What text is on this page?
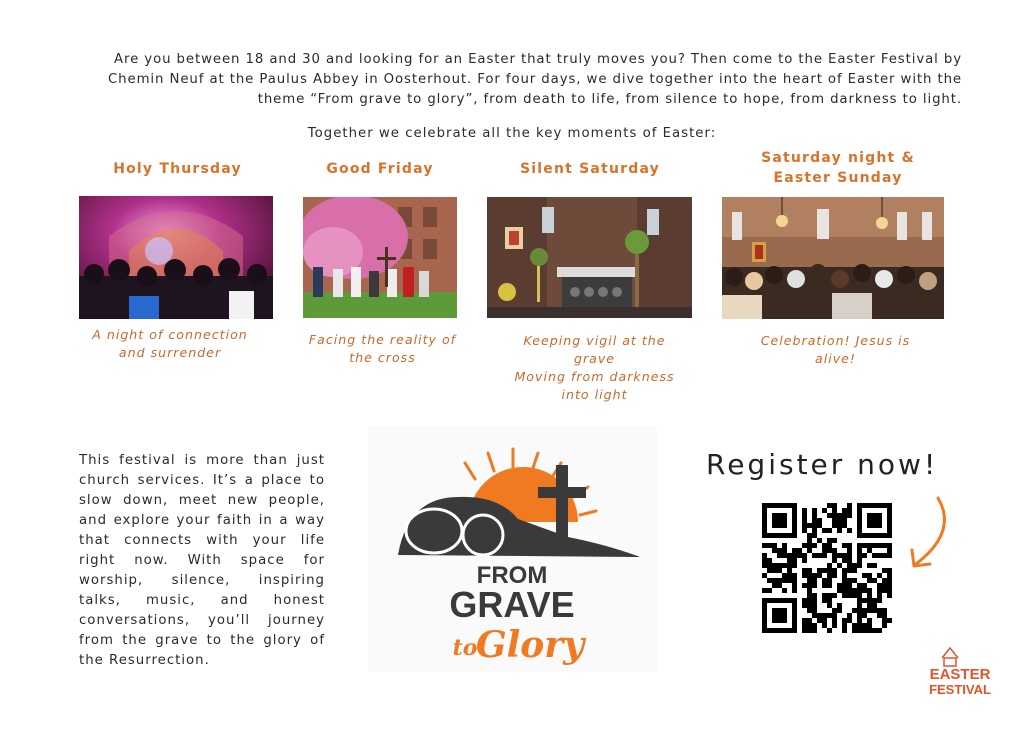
Are you between 18 and 30 and looking for an Easter that truly moves you? Then come to the Easter Festival by Chemin Neuf at the Paulus Abbey in Oosterhout. For four days, we dive together into the heart of Easter with the theme “From grave to glory”, from death to life, from silence to hope, from darkness to light.
Together we celebrate all the key moments of Easter:
Holy Thursday	Good Friday	Silent Saturday
Saturday night & Easter Sunday
A night of connection and surrender
Facing the reality of the cross
Keeping vigil at the grave
Moving from darkness into light
Celebration! Jesus is alive!
This festival is more than just church services. It’s a place to slow down, meet new people, and explore your faith in a way that connects with your life right now. With space for worship, silence, inspiring talks, music, and honest conversations, you’ll journey from the grave to the glory of the Resurrection.
FROM
GRAVE
to
Glory
Register now!
EASTER
FESTIVAL
